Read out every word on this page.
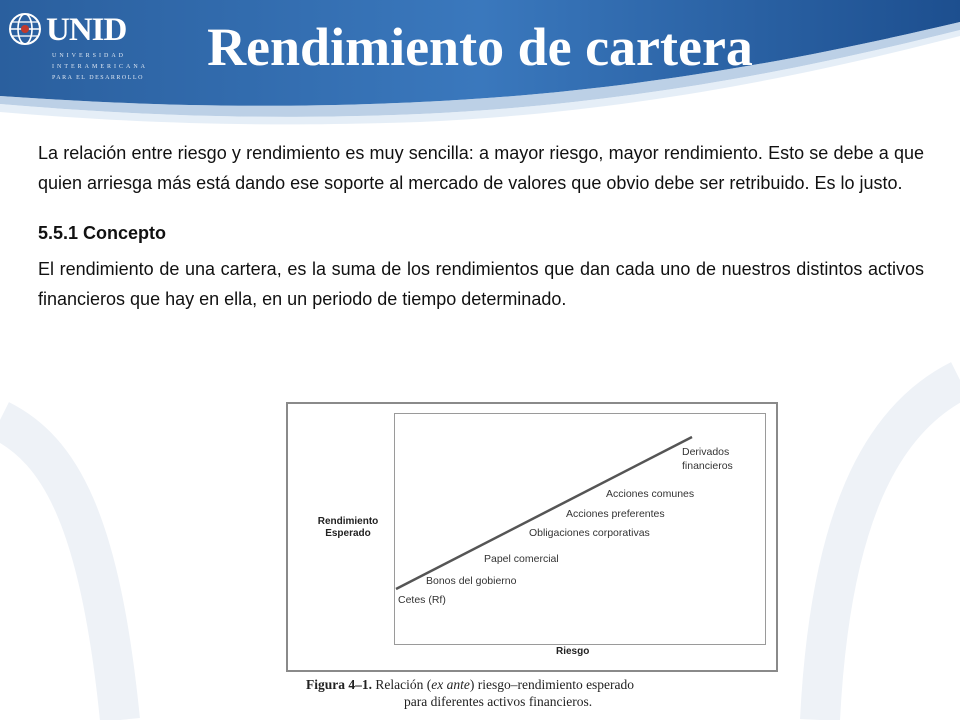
UNID
UNIVERSIDAD
INTERAMERICANA
PARA EL DESARROLLO
Rendimiento de cartera

La relación entre riesgo y rendimiento es muy sencilla: a mayor riesgo, mayor rendimiento. Esto se debe a que quien arriesga más está dando ese soporte al mercado de valores que obvio debe ser retribuido. Es lo justo.

5.5.1 Concepto

El rendimiento de una cartera, es la suma de los rendimientos que dan cada uno de nuestros distintos activos financieros que hay en ella, en un periodo de tiempo determinado.

Rendimiento
Esperado
Riesgo
Cetes (Rf)
Bonos del gobierno
Papel comercial
Obligaciones corporativas
Acciones preferentes
Acciones comunes
Derivados
financieros
Figura 4–1. Relación (ex ante) riesgo–rendimiento esperado
para diferentes activos financieros.
